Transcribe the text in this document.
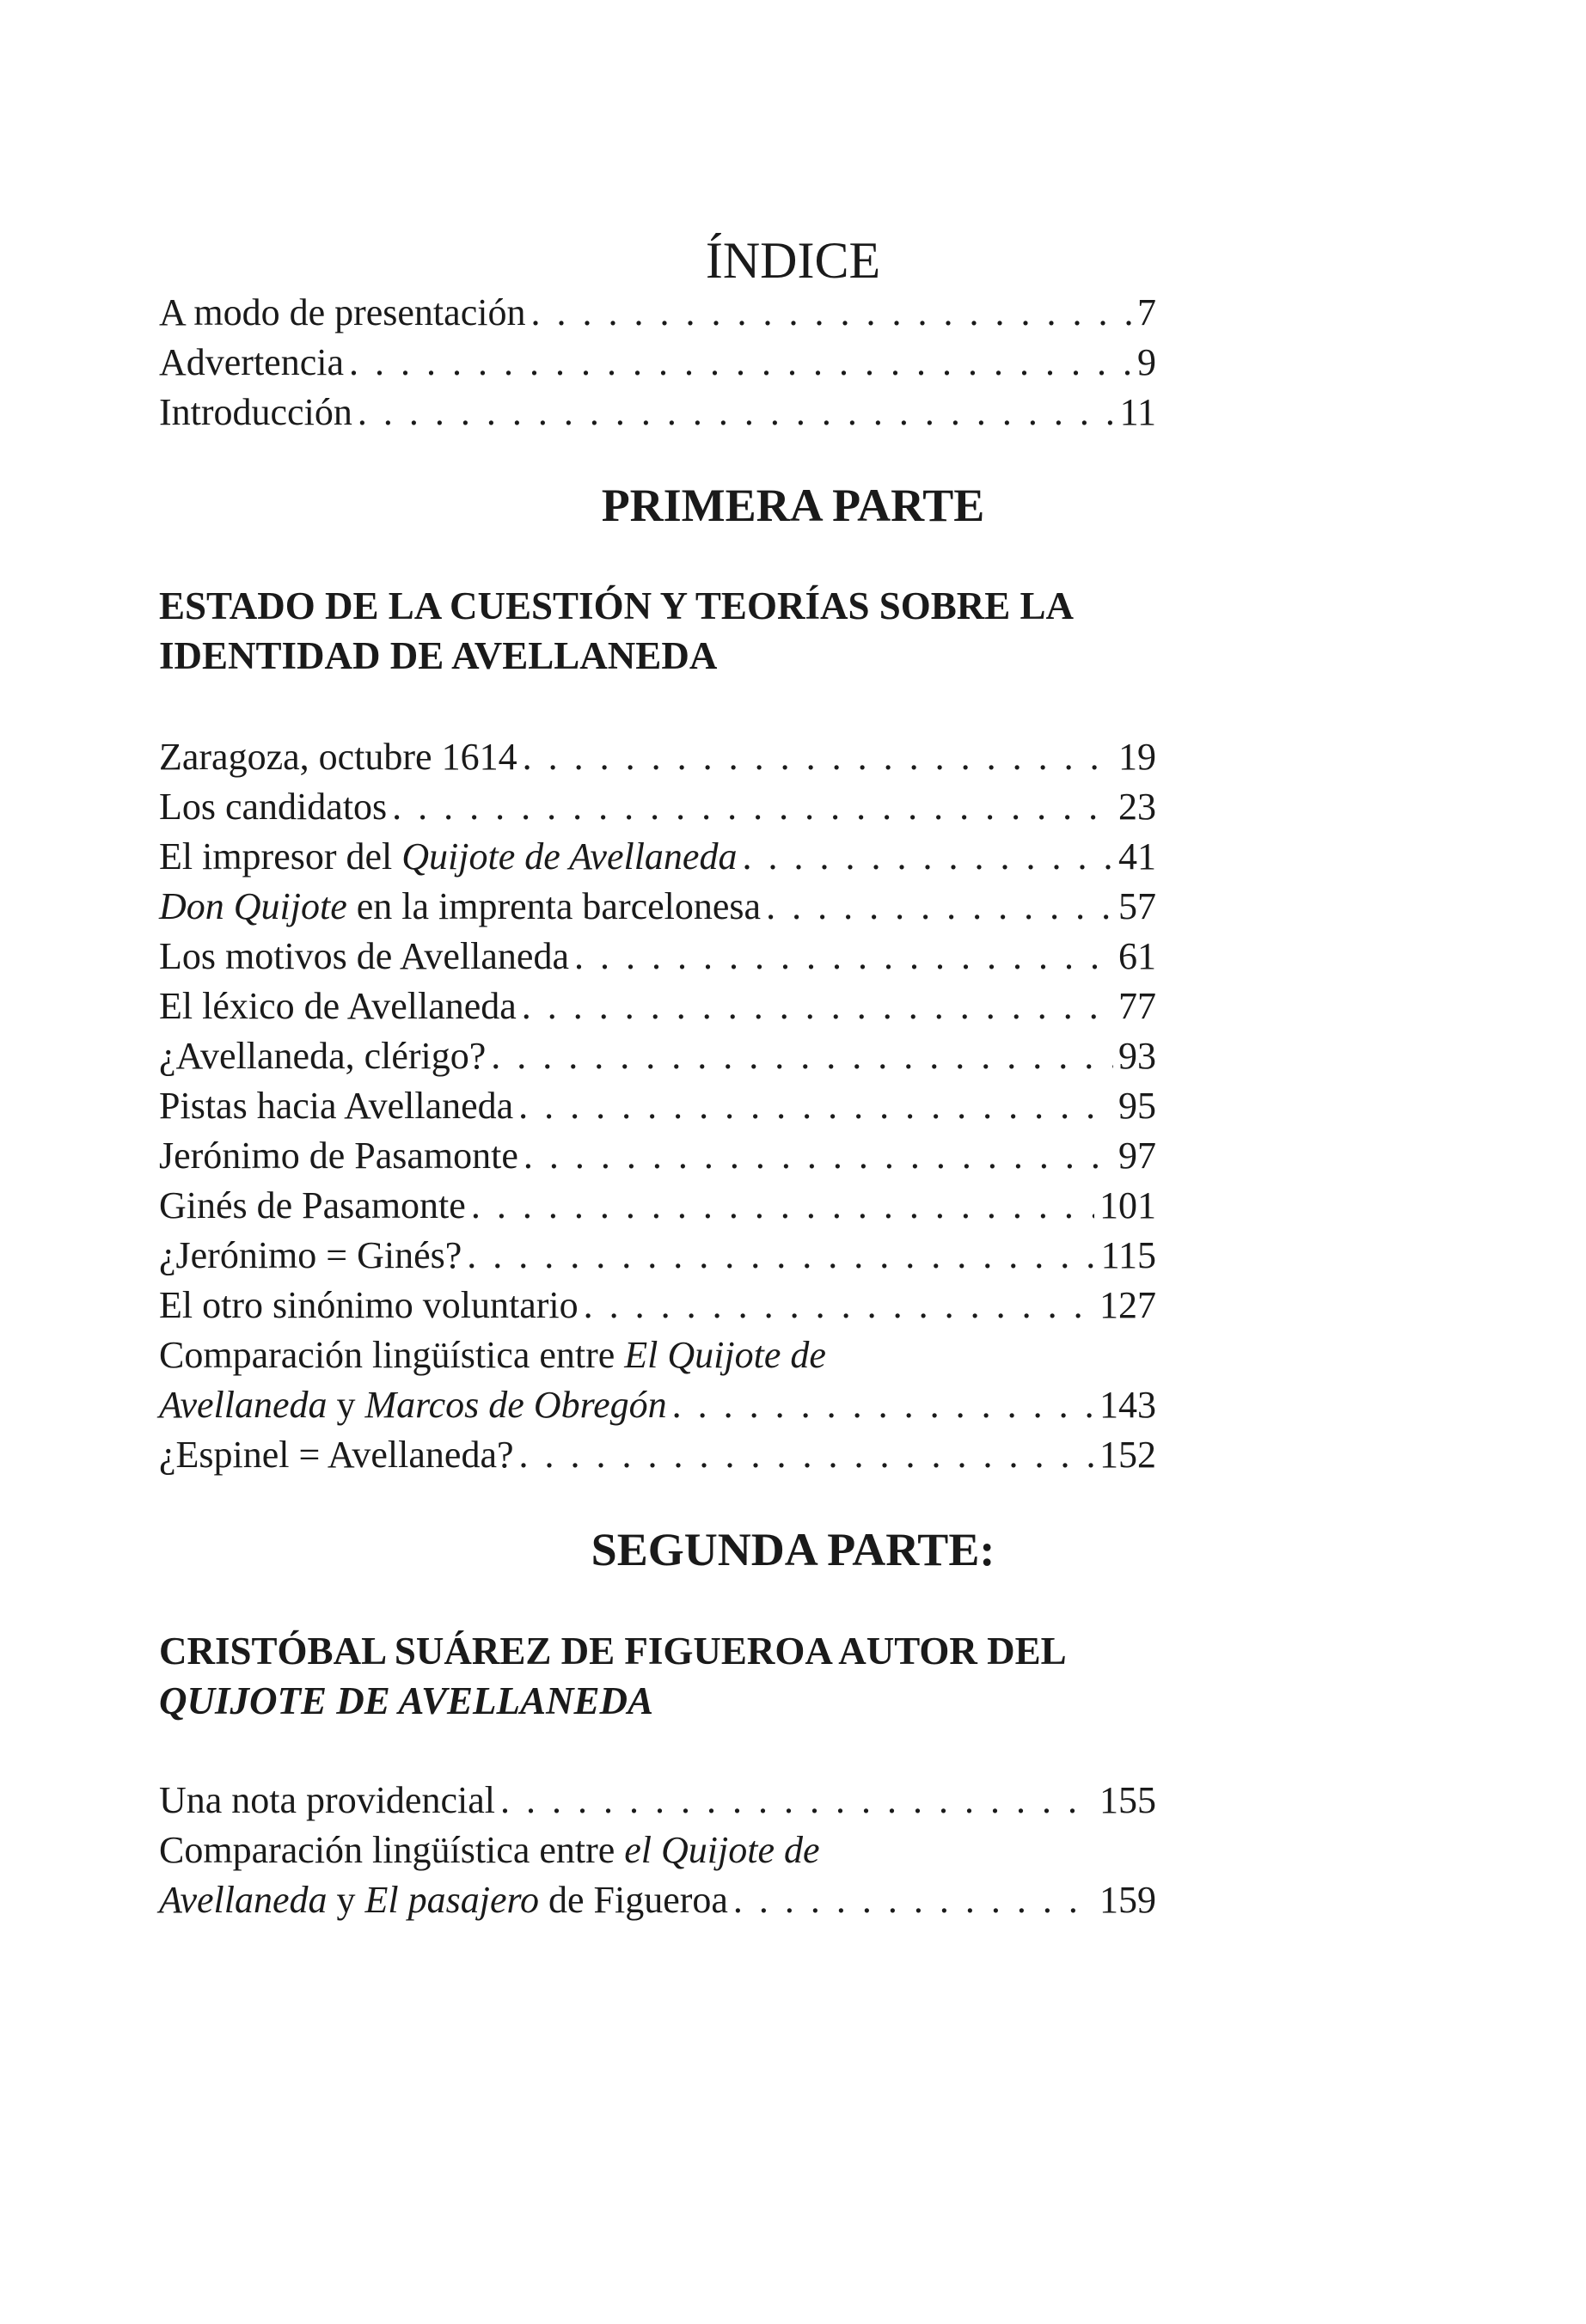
ÍNDICE
A modo de presentación . . .	7
Advertencia . . .	9
Introducción . . .	11
PRIMERA PARTE
ESTADO DE LA CUESTIÓN Y TEORÍAS SOBRE LA
IDENTIDAD DE AVELLANEDA
Zaragoza, octubre 1614 . . .	19
Los candidatos . . .	23
El impresor del Quijote de Avellaneda . . .	41
Don Quijote en la imprenta barcelonesa . . .	57
Los motivos de Avellaneda . . .	61
El léxico de Avellaneda . . .	77
¿Avellaneda, clérigo? . . .	93
Pistas hacia Avellaneda . . .	95
Jerónimo de Pasamonte . . .	97
Ginés de Pasamonte . . .	101
¿Jerónimo = Ginés? . . .	115
El otro sinónimo voluntario . . .	127
Comparación lingüística entre El Quijote de
Avellaneda y Marcos de Obregón . . .	143
¿Espinel = Avellaneda? . . .	152
SEGUNDA PARTE:
CRISTÓBAL SUÁREZ DE FIGUEROA AUTOR DEL
QUIJOTE DE AVELLANEDA
Una nota providencial . . .	155
Comparación lingüística entre el Quijote de
Avellaneda y El pasajero de Figueroa . . .	159
